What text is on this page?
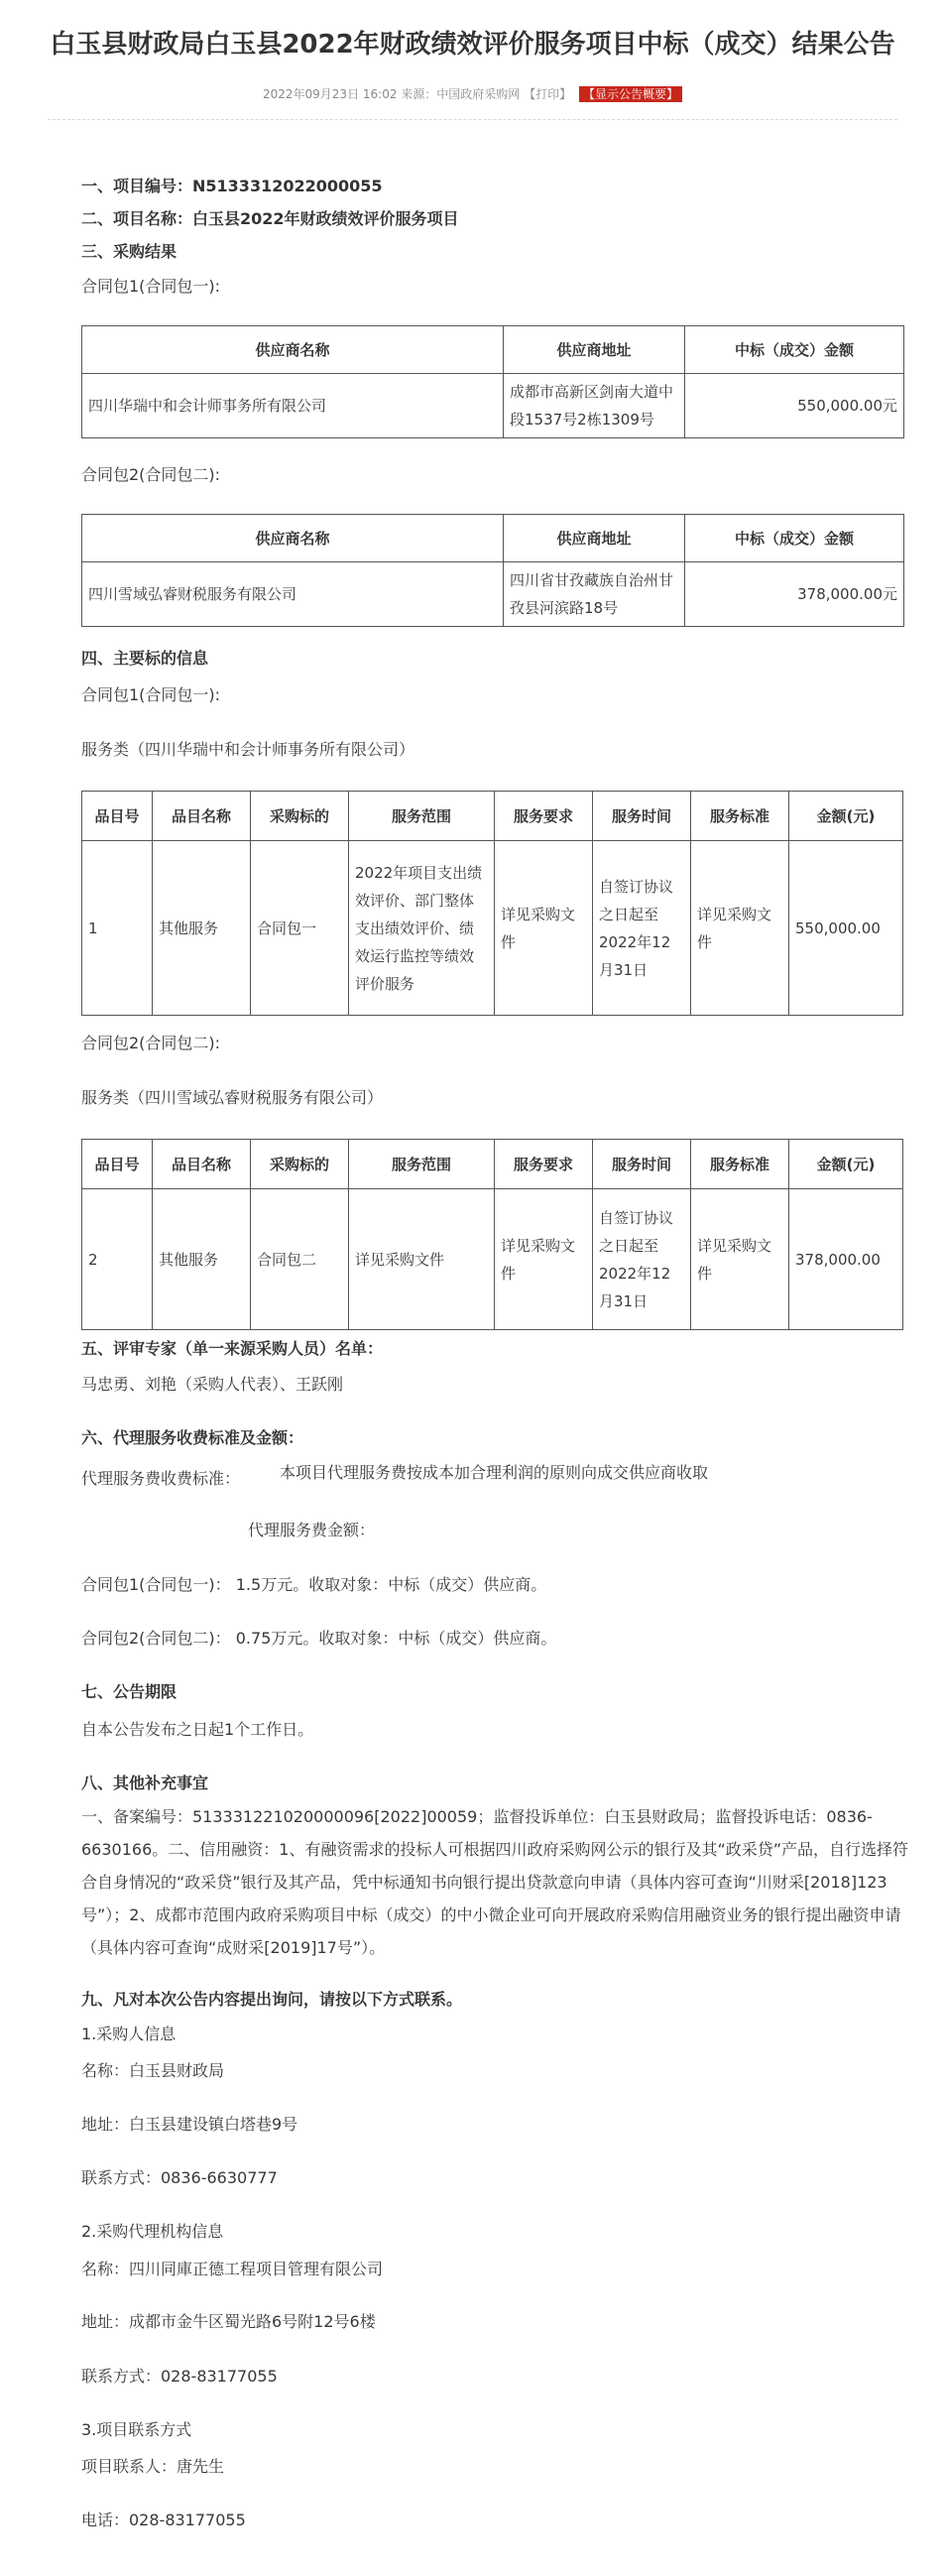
白玉县财政局白玉县2022年财政绩效评价服务项目中标（成交）结果公告
2022年09月23日 16:02 来源：中国政府采购网 【打印】 【显示公告概要】

一、项目编号：N5133312022000055

二、项目名称：白玉县2022年财政绩效评价服务项目

三、采购结果

合同包1(合同包一):

供应商名称	供应商地址	中标（成交）金额
四川华瑞中和会计师事务所有限公司	成都市高新区剑南大道中段1537号2栋1309号	550,000.00元

合同包2(合同包二):

供应商名称	供应商地址	中标（成交）金额
四川雪域弘睿财税服务有限公司	四川省甘孜藏族自治州甘孜县河滨路18号	378,000.00元

四、主要标的信息

合同包1(合同包一):

服务类（四川华瑞中和会计师事务所有限公司）

品目号	品目名称	采购标的	服务范围	服务要求	服务时间	服务标准	金额(元)
1	其他服务	合同包一	2022年项目支出绩效评价、部门整体支出绩效评价、绩效运行监控等绩效评价服务	详见采购文件	自签订协议之日起至2022年12月31日	详见采购文件	550,000.00

合同包2(合同包二):

服务类（四川雪域弘睿财税服务有限公司）

品目号	品目名称	采购标的	服务范围	服务要求	服务时间	服务标准	金额(元)
2	其他服务	合同包二	详见采购文件	详见采购文件	自签订协议之日起至2022年12月31日	详见采购文件	378,000.00

五、评审专家（单一来源采购人员）名单：

马忠勇、刘艳（采购人代表）、王跃刚

六、代理服务收费标准及金额：

代理服务费收费标准： 本项目代理服务费按成本加合理利润的原则向成交供应商收取

代理服务费金额：

合同包1(合同包一)： 1.5万元。收取对象：中标（成交）供应商。

合同包2(合同包二)： 0.75万元。收取对象：中标（成交）供应商。

七、公告期限

自本公告发布之日起1个工作日。

八、其他补充事宜

一、备案编号：513331221020000096[2022]00059；监督投诉单位：白玉县财政局；监督投诉电话：0836-6630166。二、信用融资：1、有融资需求的投标人可根据四川政府采购网公示的银行及其“政采贷”产品，自行选择符合自身情况的“政采贷”银行及其产品，凭中标通知书向银行提出贷款意向申请（具体内容可查询“川财采[2018]123号”）；2、成都市范围内政府采购项目中标（成交）的中小微企业可向开展政府采购信用融资业务的银行提出融资申请（具体内容可查询“成财采[2019]17号”）。

九、凡对本次公告内容提出询问，请按以下方式联系。

1.采购人信息

名称：白玉县财政局

地址：白玉县建设镇白塔巷9号

联系方式：0836-6630777

2.采购代理机构信息

名称：四川同庫正德工程项目管理有限公司

地址：成都市金牛区蜀光路6号附12号6楼

联系方式：028-83177055

3.项目联系方式

项目联系人：唐先生

电话：028-83177055
